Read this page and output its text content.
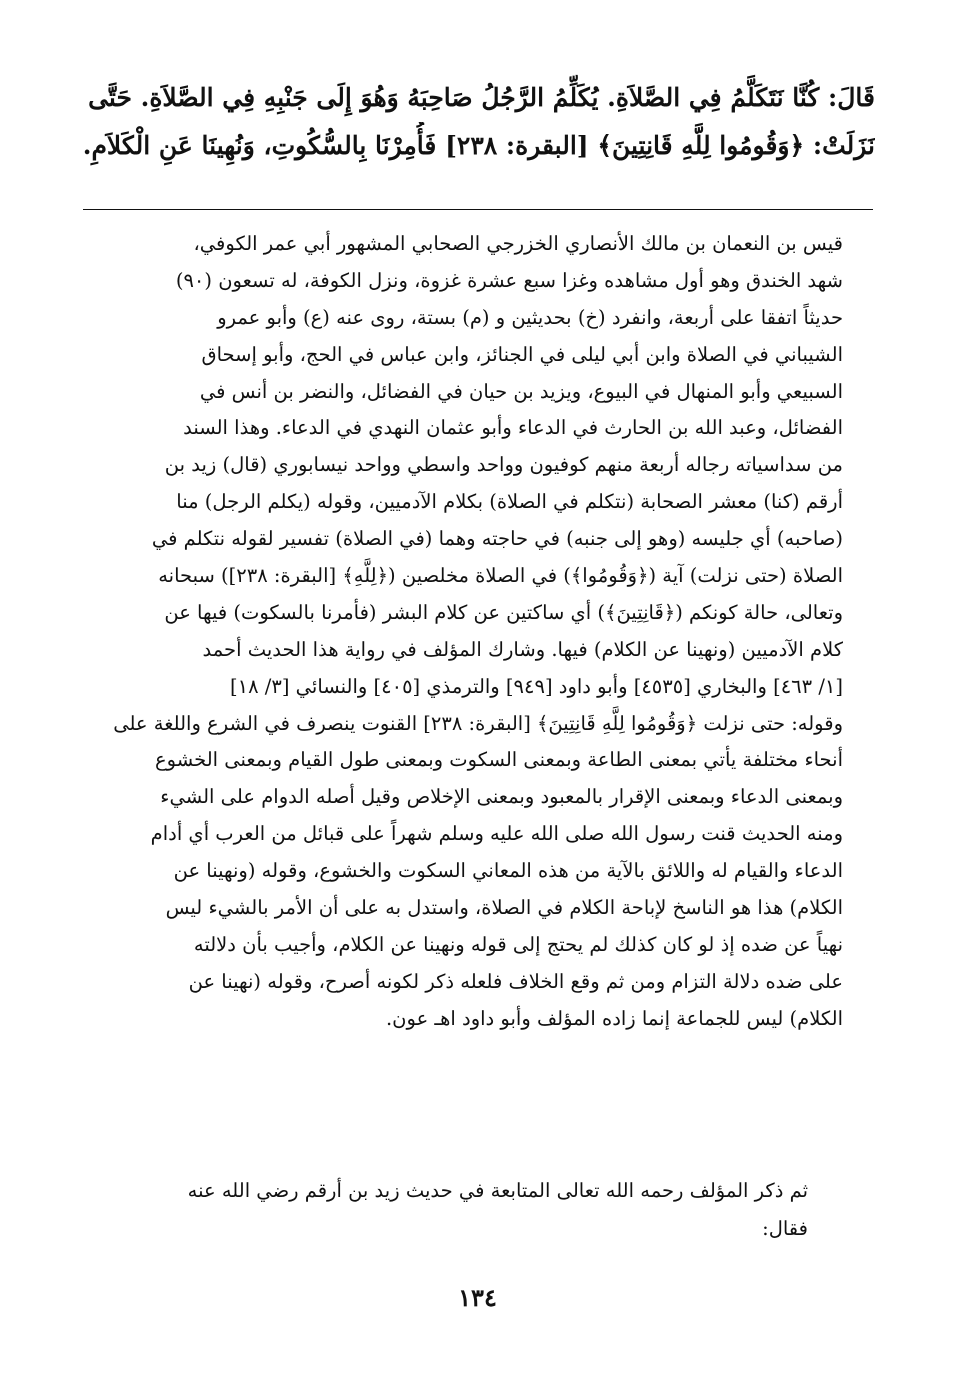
قَالَ: كُنَّا نَتَكَلَّمُ فِي الصَّلاَةِ. يُكَلِّمُ الرَّجُلُ صَاحِبَهُ وَهُوَ إِلَى جَنْبِهِ فِي الصَّلاَةِ. حَتَّى
نَزَلَتْ: ﴿وَقُومُوا لِلَّهِ قَانِتِينَ﴾ [البقرة: ٢٣٨] فَأُمِرْنَا بِالسُّكُوتِ، وَنُهِينَا عَنِ الْكَلاَمِ.
قيس بن النعمان بن مالك الأنصاري الخزرجي الصحابي المشهور أبي عمر الكوفي،
شهد الخندق وهو أول مشاهده وغزا سبع عشرة غزوة، ونزل الكوفة، له تسعون (٩٠)
حديثاً اتفقا على أربعة، وانفرد (خ) بحديثين و (م) بستة، روى عنه (ع) وأبو عمرو
الشيباني في الصلاة وابن أبي ليلى في الجنائز، وابن عباس في الحج، وأبو إسحاق
السبيعي وأبو المنهال في البيوع، ويزيد بن حيان في الفضائل، والنضر بن أنس في
الفضائل، وعبد الله بن الحارث في الدعاء وأبو عثمان النهدي في الدعاء. وهذا السند
من سداسياته رجاله أربعة منهم كوفيون وواحد واسطي وواحد نيسابوري (قال) زيد بن
أرقم (كنا) معشر الصحابة (نتكلم في الصلاة) بكلام الآدميين، وقوله (يكلم الرجل) منا
(صاحبه) أي جليسه (وهو إلى جنبه) في حاجته وهما (في الصلاة) تفسير لقوله نتكلم في
الصلاة (حتى نزلت) آية (﴿وَقُومُوا﴾) في الصلاة مخلصين (﴿لِلَّهِ﴾ [البقرة: ٢٣٨]) سبحانه
وتعالى، حالة كونكم (﴿قَانِتِينَ﴾) أي ساكتين عن كلام البشر (فأمرنا بالسكوت) فيها عن
كلام الآدميين (ونهينا عن الكلام) فيها. وشارك المؤلف في رواية هذا الحديث أحمد
[١/ ٤٦٣] والبخاري [٤٥٣٥] وأبو داود [٩٤٩] والترمذي [٤٠٥] والنسائي [٣/ ١٨]
وقوله: حتى نزلت ﴿وَقُومُوا لِلَّهِ قَانِتِينَ﴾ [البقرة: ٢٣٨] القنوت ينصرف في الشرع واللغة على
أنحاء مختلفة يأتي بمعنى الطاعة وبمعنى السكوت وبمعنى طول القيام وبمعنى الخشوع
وبمعنى الدعاء وبمعنى الإقرار بالمعبود وبمعنى الإخلاص وقيل أصله الدوام على الشيء
ومنه الحديث قنت رسول الله صلى الله عليه وسلم شهراً على قبائل من العرب أي أدام
الدعاء والقيام له واللائق بالآية من هذه المعاني السكوت والخشوع، وقوله (ونهينا عن
الكلام) هذا هو الناسخ لإباحة الكلام في الصلاة، واستدل به على أن الأمر بالشيء ليس
نهياً عن ضده إذ لو كان كذلك لم يحتج إلى قوله ونهينا عن الكلام، وأجيب بأن دلالته
على ضده دلالة التزام ومن ثم وقع الخلاف فلعله ذكر لكونه أصرح، وقوله (نهينا عن
الكلام) ليس للجماعة إنما زاده المؤلف وأبو داود اهـ عون.
ثم ذكر المؤلف رحمه الله تعالى المتابعة في حديث زيد بن أرقم رضي الله عنه
فقال:
١٣٤
